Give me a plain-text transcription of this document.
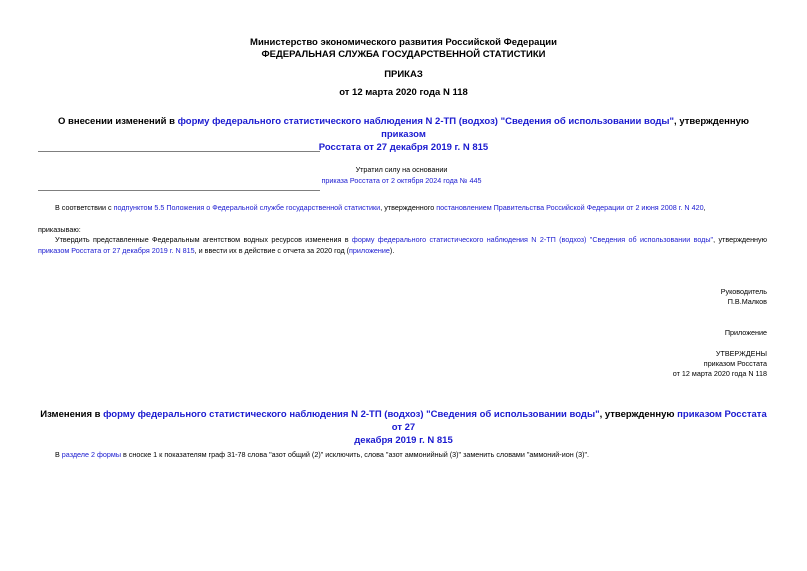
Министерство экономического развития Российской Федерации
ФЕДЕРАЛЬНАЯ СЛУЖБА ГОСУДАРСТВЕННОЙ СТАТИСТИКИ
ПРИКАЗ
от 12 марта 2020 года N 118
О внесении изменений в форму федерального статистического наблюдения N 2-ТП (водхоз) "Сведения об использовании воды", утвержденную приказом
Росстата от 27 декабря 2019 г. N 815
Утратил силу на основании
приказа Росстата от 2 октября 2024 года № 445
В соответствии с подпунктом 5.5 Положения о Федеральной службе государственной статистики, утвержденного постановлением Правительства Российской Федерации от 2 июня 2008 г. N 420,
приказываю:
Утвердить представленные Федеральным агентством водных ресурсов изменения в форму федерального статистического наблюдения N 2-ТП (водхоз) "Сведения об использовании воды", утвержденную приказом Росстата от 27 декабря 2019 г. N 815, и ввести их в действие с отчета за 2020 год (приложение).
Руководитель
П.В.Малков
Приложение
УТВЕРЖДЕНЫ
приказом Росстата
от 12 марта 2020 года N 118
Изменения в форму федерального статистического наблюдения N 2-ТП (водхоз) "Сведения об использовании воды", утвержденную приказом Росстата от 27
декабря 2019 г. N 815
В разделе 2 формы в сноске 1 к показателям граф 31-78 слова "азот общий (2)" исключить, слова "азот аммонийный (3)" заменить словами "аммоний-ион (3)".
